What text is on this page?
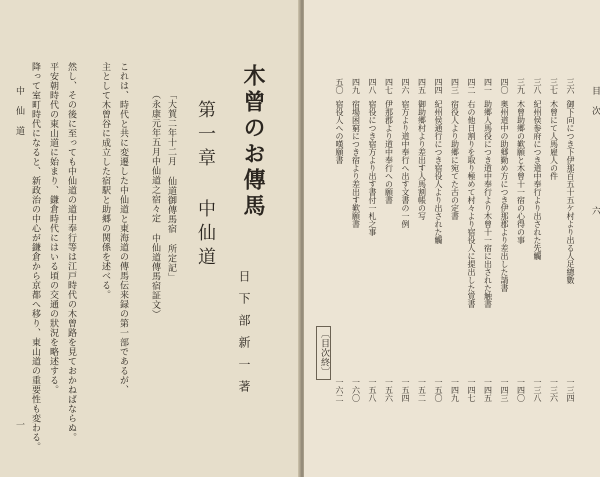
中 仙 道
一 降って室町時代になると、新政治の中心が鎌倉から京都へ移り、東山道の重要性も変わる。 平安朝時代の東山道に始まり、鎌倉時代にはいる頃の交通の狀況を略述する。 然し、その後に至っても中仙道の道中奉行等は江戸時代の木曾路を見ておかねばならぬ。	主として木曾谷に成立した宿駅と助郷の関係を述べる。 これは、時代と共に変遷した中仙道と東海道の傳馬伝来録の第一部であるが、 （永康元年五月中仙道之宿々定 中仙道傳馬宿証文） 「大賀二年十二月 仙道御傳馬宿 所定記」 第一章 中仙道 木曾のお傳馬
日下部新一著
目 次
六
三六
御下向につき下伊那百五十五ケ村より出る人足總數
一三四
三七
木曾にて人馬雇人の件
一三六
三八
紀州侯参府につき道中奉行より出された先觸
一三八
三九
木曾助郷の歎願と木曾十一宿の心得の事
一四〇
四〇
奥州道中の助郷勤め方につき伊那郡より差出した請書
一四三
四一
助郷人馬役につき道中奉行より木曾十一宿に出された触書
一四五
四二
右の他日割りを取り極めて村々より宿役人に提出した覚書
一四七
四三
宿役人より助郷に宛てた古の定書
一四九
四四
紀州侯通行につき宿役人より出された觸
一五〇
四五
御助郷村より差出す人馬割帳の写
一五二
四六
宿方より道中奉行へ出す文書の一例
一五四
四七
伊那郡より道中奉行への願書
一五六
四八
宿役につき宿方より出す書付一札之事
一五八
四九
宿場困窮につき宿より差出す歎願書
一六〇
五〇
宿役人への嘆願書
一六二
〔目次終〕
